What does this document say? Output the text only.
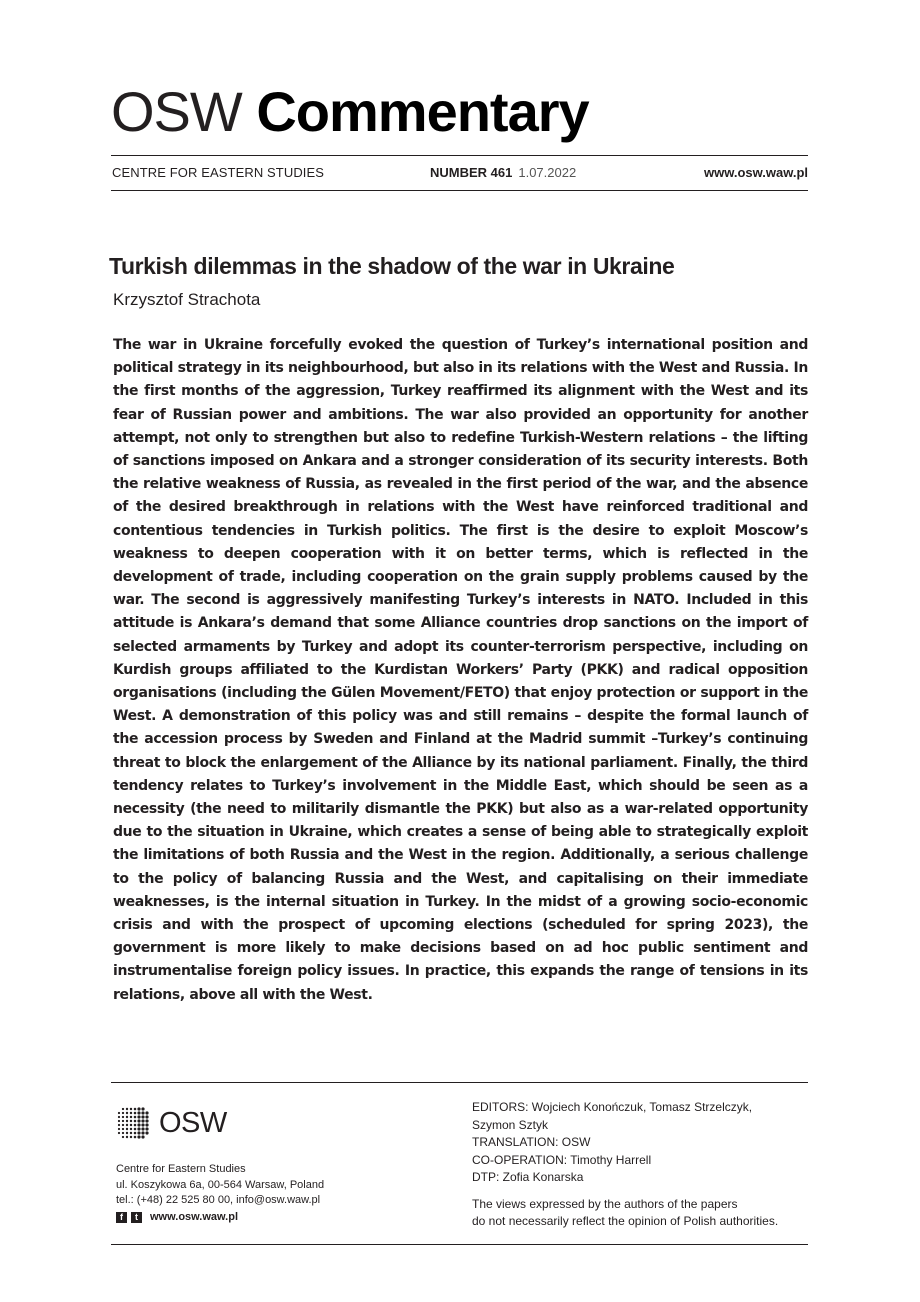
OSW Commentary
CENTRE FOR EASTERN STUDIES	NUMBER 461 1.07.2022	www.osw.waw.pl
Turkish dilemmas in the shadow of the war in Ukraine
Krzysztof Strachota

The war in Ukraine forcefully evoked the question of Turkey’s international position and political strategy in its neighbourhood, but also in its relations with the West and Russia. In the first months of the aggression, Turkey reaffirmed its alignment with the West and its fear of Russian power and ambitions. The war also provided an opportunity for another attempt, not only to strengthen but also to redefine Turkish-Western relations – the lifting of sanctions imposed on Ankara and a stronger consideration of its security interests. Both the relative weakness of Russia, as revealed in the first period of the war, and the absence of the desired breakthrough in relations with the West have reinforced traditional and contentious tendencies in Turkish politics. The first is the desire to exploit Moscow’s weakness to deepen cooperation with it on better terms, which is reflected in the development of trade, including cooperation on the grain supply problems caused by the war. The second is aggressively manifesting Turkey’s interests in NATO. Included in this attitude is Ankara’s demand that some Alliance countries drop sanctions on the import of selected armaments by Turkey and adopt its counter-terrorism perspective, including on Kurdish groups affiliated to the Kurdistan Workers’ Party (PKK) and radical opposition organisations (including the Gülen Movement/FETO) that enjoy protection or support in the West. A demonstration of this policy was and still remains – despite the formal launch of the accession process by Sweden and Finland at the Madrid summit –Turkey’s continuing threat to block the enlargement of the Alliance by its national parliament. Finally, the third tendency relates to Turkey’s involvement in the Middle East, which should be seen as a necessity (the need to militarily dismantle the PKK) but also as a war-related opportunity due to the situation in Ukraine, which creates a sense of being able to strategically exploit the limitations of both Russia and the West in the region. Additionally, a serious challenge to the policy of balancing Russia and the West, and capitalising on their immediate weaknesses, is the internal situation in Turkey. In the midst of a growing socio-economic crisis and with the prospect of upcoming elections (scheduled for spring 2023), the government is more likely to make decisions based on ad hoc public sentiment and instrumentalise foreign policy issues. In practice, this expands the range of tensions in its relations, above all with the West.

OSW
Centre for Eastern Studies
ul. Koszykowa 6a, 00-564 Warsaw, Poland
tel.: (+48) 22 525 80 00, info@osw.waw.pl
f	t	www.osw.waw.pl
EDITORS: Wojciech Konończuk, Tomasz Strzelczyk,
Szymon Sztyk
TRANSLATION: OSW
CO-OPERATION: Timothy Harrell
DTP: Zofia Konarska
The views expressed by the authors of the papers
do not necessarily reflect the opinion of Polish authorities.
